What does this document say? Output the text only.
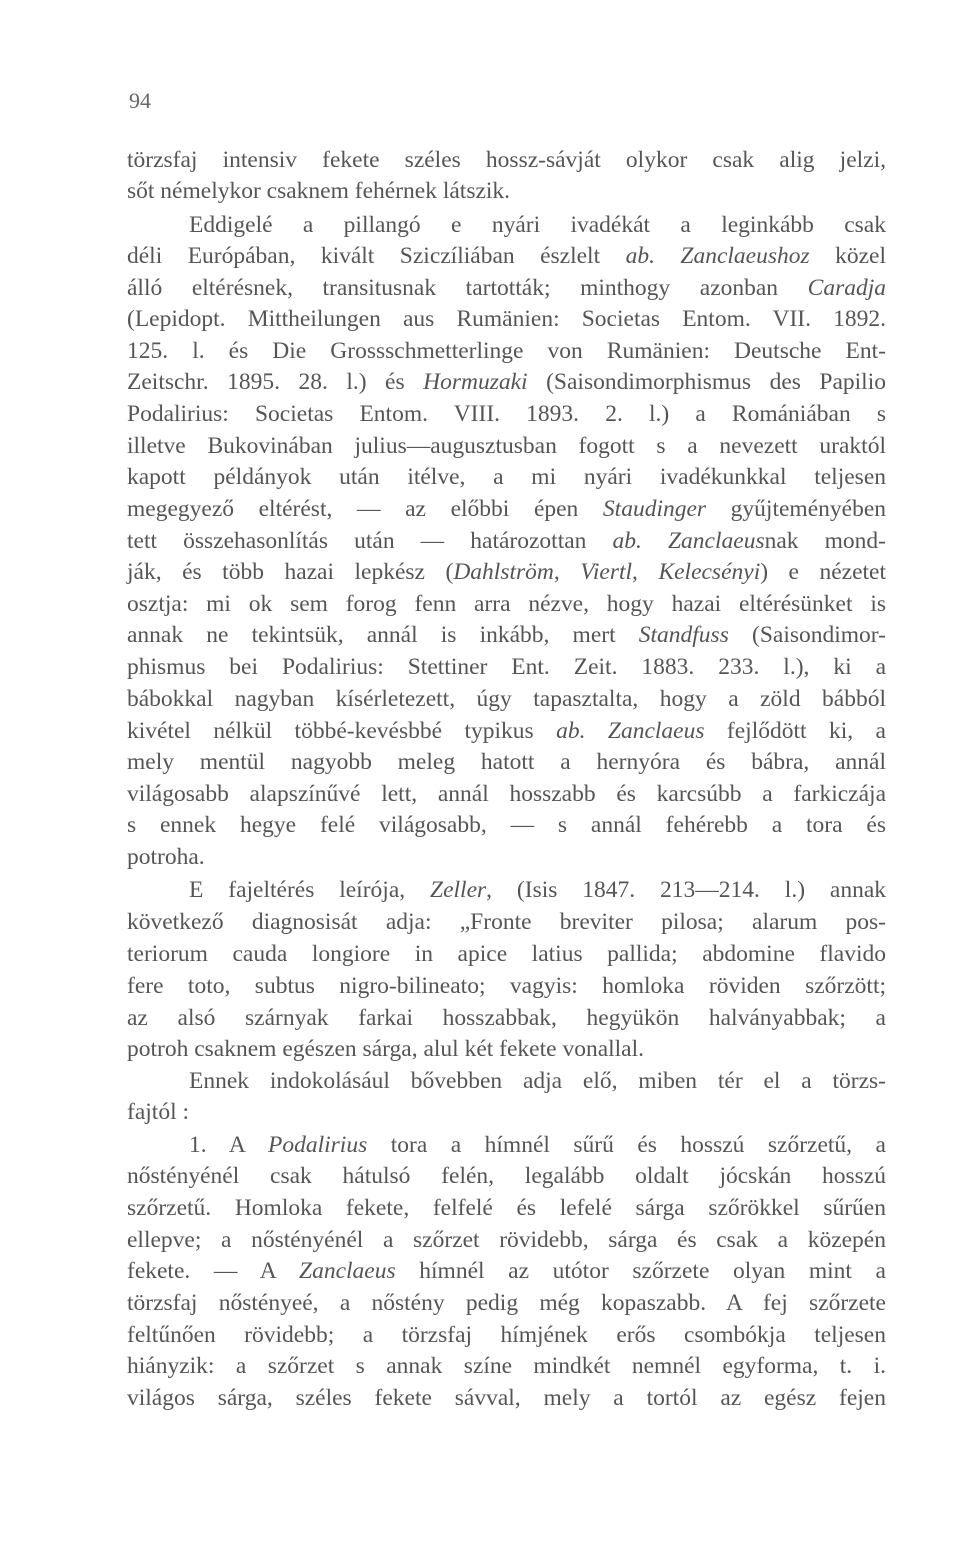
94
törzsfaj intensiv fekete széles hossz-sávját olykor csak alig jelzi,
sőt némelykor csaknem fehérnek látszik.
Eddigelé a pillangó e nyári ivadékát a leginkább csak
déli Európában, kivált Sziczíliában észlelt ab. Zanclaeushoz közel
álló eltérésnek, transitusnak tartották; minthogy azonban Caradja
(Lepidopt. Mittheilungen aus Rumänien: Societas Entom. VII. 1892.
125. l. és Die Grossschmetterlinge von Rumänien: Deutsche Ent-
Zeitschr. 1895. 28. l.) és Hormuzaki (Saisondimorphismus des Papilio
Podalirius: Societas Entom. VIII. 1893. 2. l.) a Romániában s
illetve Bukovinában julius—augusztusban fogott s a nevezett uraktól
kapott példányok után itélve, a mi nyári ivadékunkkal teljesen
megegyező eltérést, — az előbbi épen Staudinger gyűjteményében
tett összehasonlítás után — határozottan ab. Zanclaeusnak mond-
ják, és több hazai lepkész (Dahlström, Viertl, Kelecsényi) e nézetet
osztja: mi ok sem forog fenn arra nézve, hogy hazai eltérésünket is
annak ne tekintsük, annál is inkább, mert Standfuss (Saisondimor-
phismus bei Podalirius: Stettiner Ent. Zeit. 1883. 233. l.), ki a
bábokkal nagyban kísérletezett, úgy tapasztalta, hogy a zöld bábból
kivétel nélkül többé-kevésbbé typikus ab. Zanclaeus fejlődött ki, a
mely mentül nagyobb meleg hatott a hernyóra és bábra, annál
világosabb alapszínűvé lett, annál hosszabb és karcsúbb a farkiczája
s ennek hegye felé világosabb, — s annál fehérebb a tora és
potroha.
E fajeltérés leírója, Zeller, (Isis 1847. 213—214. l.) annak
következő diagnosisát adja: „Fronte breviter pilosa; alarum pos-
teriorum cauda longiore in apice latius pallida; abdomine flavido
fere toto, subtus nigro-bilineato; vagyis: homloka röviden szőrzött;
az alsó szárnyak farkai hosszabbak, hegyükön halványabbak; a
potroh csaknem egészen sárga, alul két fekete vonallal.
Ennek indokolásául bővebben adja elő, miben tér el a törzs-
fajtól :
1. A Podalirius tora a hímnél sűrű és hosszú szőrzetű, a
nőstényénél csak hátulsó felén, legalább oldalt jócskán hosszú
szőrzetű. Homloka fekete, felfelé és lefelé sárga szőrökkel sűrűen
ellepve; a nőstényénél a szőrzet rövidebb, sárga és csak a közepén
fekete. — A Zanclaeus hímnél az utótor szőrzete olyan mint a
törzsfaj nőstényeé, a nőstény pedig még kopaszabb. A fej szőrzete
feltűnően rövidebb; a törzsfaj hímjének erős csombókja teljesen
hiányzik: a szőrzet s annak színe mindkét nemnél egyforma, t. i.
világos sárga, széles fekete sávval, mely a tortól az egész fejen
